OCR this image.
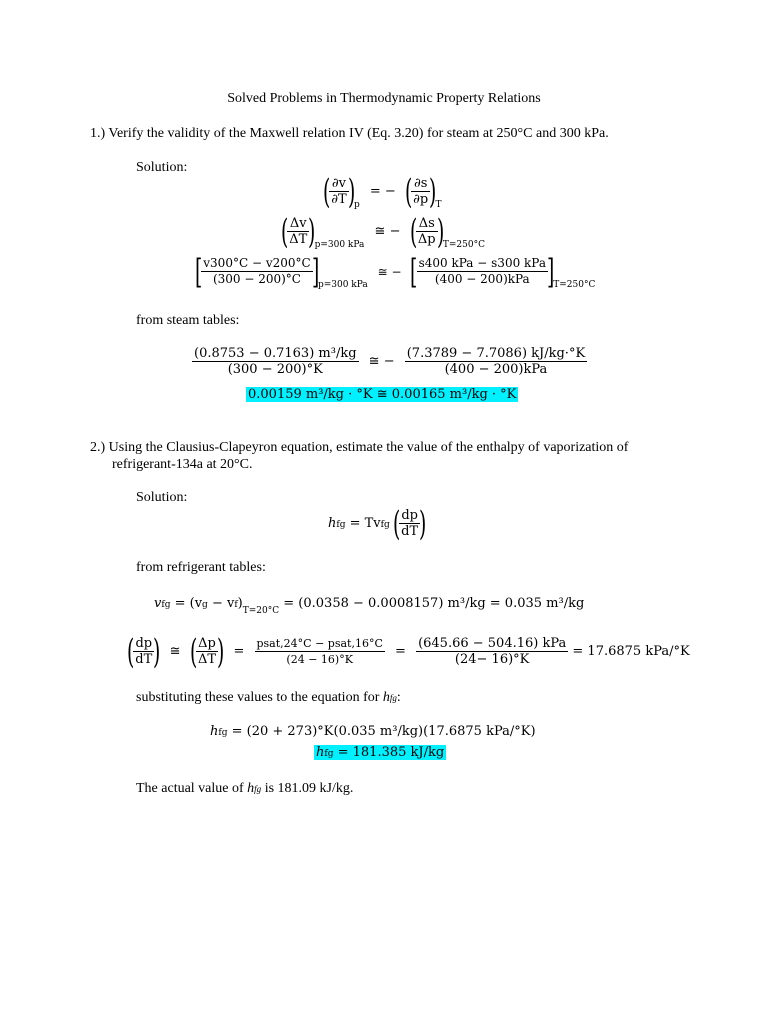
Solved Problems in Thermodynamic Property Relations
1.) Verify the validity of the Maxwell relation IV (Eq. 3.20) for steam at 250°C and 300 kPa.
Solution:
(
$\frac{\partial v}{\partial T}$
)$_p$ = − (
$\frac{\partial s}{\partial p}$
)$_T$
(
$\frac{\Delta v}{\Delta T}$
)$_{p=300 kPa}$ ≅ − (
$\frac{\Delta s}{\Delta p}$
)$_{T=250^\circ C}$
[
$\frac{v300^\circ C - v200^\circ C}{(300 - 200)^\circ C}$
]$_{p=300 kPa}$ ≅ − [
$\frac{\text{s400 kPa − s300 kPa}}{\text{(400 − 200)kPa}}$
]$_{T=250^\circ C}$
from steam tables:
$\frac{\text{(0.8753 − 0.7163) m³/kg}}{(300 - 200)^\circ K}$ ≅ − $\frac{(7.3789 - 7.7086) kJ/kg\cdot^\circ K}{\text{(400 − 200)kPa}}$
0.00159 m³/kg · °K ≅ 0.00165 m³/kg · °K
2.) Using the Clausius-Clapeyron equation, estimate the value of the enthalpy of vaporization of
refrigerant-134a at 20°C.
Solution:
hfg = Tvfg (
$\frac{dp}{dT}$
)
from refrigerant tables:
vfg = $(vg - vf)_{T=20^\circ C} = (0.0358 - 0.0008157)$ m³/kg = 0.035 m³/kg
(
$\frac{dp}{dT}$
) ≅ (
$\frac{\Delta p}{\Delta T}$
) = $\frac{\text{psat,24°C − psat,16°C}}{(24 - 16)^\circ K} = \frac{\text{(645.66 − 504.16) kPa}}{(24- 16)^\circ K} = 17.6875$ kPa/°K
substituting these values to the equation for hfg:
hfg = (20 + 273)°K(0.035 m³/kg)(17.6875 kPa/°K)
hfg = 181.385 kJ/kg
The actual value of hfg is 181.09 kJ/kg.
